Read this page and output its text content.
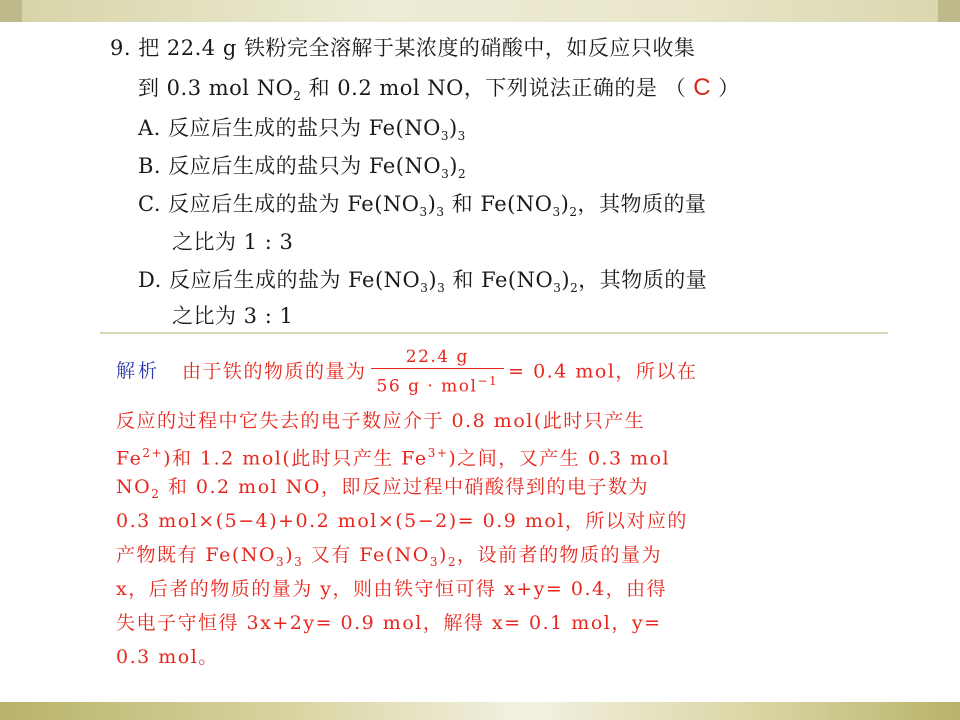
9. 把 22.4 g 铁粉完全溶解于某浓度的硝酸中，如反应只收集
到 0.3 mol $NO_2$ 和 0.2 mol NO，下列说法正确的是 （ C ）
A. 反应后生成的盐只为 $Fe(NO_3)_3$
B. 反应后生成的盐只为 $Fe(NO_3)_2$
C. 反应后生成的盐为 $Fe(NO_3)_3$ 和 $Fe(NO_3)_2$，其物质的量
之比为 1 : 3
D. 反应后生成的盐为 $Fe(NO_3)_3$ 和 $Fe(NO_3)_2$，其物质的量
之比为 3 : 1
解析 由于铁的物质的量为 $\frac{22.4 g}{56 g \cdot mol^{-1}} = 0.4$ mol，所以在
反应的过程中它失去的电子数应介于 0.8 mol(此时只产生
$Fe^{2+}$)和 1.2 mol(此时只产生 $Fe^{3+}$)之间，又产生 0.3 mol
$NO_2$ 和 0.2 mol NO，即反应过程中硝酸得到的电子数为
0.3 mol×(5−4)+0.2 mol×(5−2)= 0.9 mol，所以对应的
产物既有 $Fe(NO_3)_3$ 又有 $Fe(NO_3)_2$，设前者的物质的量为
x，后者的物质的量为 y，则由铁守恒可得 x+y= 0.4，由得
失电子守恒得 3x+2y= 0.9 mol，解得 x= 0.1 mol，y=
0.3 mol。
